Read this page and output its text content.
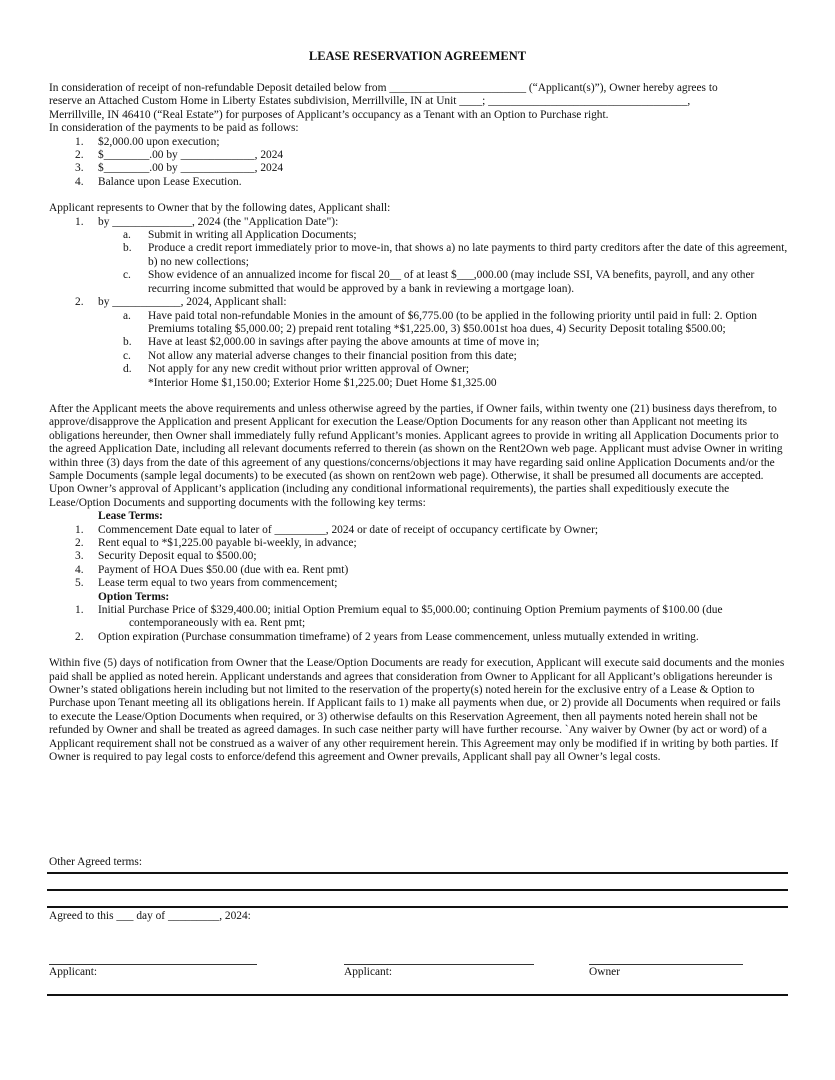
LEASE RESERVATION AGREEMENT

In consideration of receipt of non-refundable Deposit detailed below from ________________________ (“Applicant(s)”), Owner hereby agrees to

reserve an Attached Custom Home in Liberty Estates subdivision, Merrillville, IN at Unit ____; ___________________________________,

Merrillville, IN 46410 (“Real Estate”) for purposes of Applicant’s occupancy as a Tenant with an Option to Purchase right.

In consideration of the payments to be paid as follows:

1.	$2,000.00 upon execution;
2.	$________.00 by _____________, 2024
3.	$________.00 by _____________, 2024
4.	Balance upon Lease Execution.

Applicant represents to Owner that by the following dates, Applicant shall:

1.	by ______________, 2024 (the "Application Date"):
a. Submit in writing all Application Documents;
b. Produce a credit report immediately prior to move-in, that shows a) no late payments to third party creditors after the date of this agreement, b) no new collections;
c. Show evidence of an annualized income for fiscal 20__ of at least $___,000.00 (may include SSI, VA benefits, payroll, and any other recurring income submitted that would be approved by a bank in reviewing a mortgage loan).
2.	by ____________, 2024, Applicant shall:
a. Have paid total non-refundable Monies in the amount of $6,775.00 (to be applied in the following priority until paid in full: 2. Option Premiums totaling $5,000.00; 2) prepaid rent totaling *$1,225.00, 3) $50.001st hoa dues, 4) Security Deposit totaling $500.00;
b. Have at least $2,000.00 in savings after paying the above amounts at time of move in;
c. Not allow any material adverse changes to their financial position from this date;
d. Not apply for any new credit without prior written approval of Owner;
*Interior Home $1,150.00; Exterior Home $1,225.00; Duet Home $1,325.00

After the Applicant meets the above requirements and unless otherwise agreed by the parties, if Owner fails, within twenty one (21) business days therefrom, to approve/disapprove the Application and present Applicant for execution the Lease/Option Documents for any reason other than Applicant not meeting its obligations hereunder, then Owner shall immediately fully refund Applicant’s monies. Applicant agrees to provide in writing all Application Documents prior to the agreed Application Date, including all relevant documents referred to therein (as shown on the Rent2Own web page. Applicant must advise Owner in writing within three (3) days from the date of this agreement of any questions/concerns/objections it may have regarding said online Application Documents and/or the Sample Documents (sample legal documents) to be executed (as shown on rent2own web page). Otherwise, it shall be presumed all documents are accepted. Upon Owner’s approval of Applicant’s application (including any conditional informational requirements), the parties shall expeditiously execute the Lease/Option Documents and supporting documents with the following key terms:

Lease Terms:
1.	Commencement Date equal to later of _________, 2024 or date of receipt of occupancy certificate by Owner;
2.	Rent equal to *$1,225.00 payable bi-weekly, in advance;
3.	Security Deposit equal to $500.00;
4.	Payment of HOA Dues $50.00 (due with ea. Rent pmt)
5.	Lease term equal to two years from commencement;
Option Terms:
1.	Initial Purchase Price of $329,400.00; initial Option Premium equal to $5,000.00; continuing Option Premium payments of $100.00 (due
contemporaneously with ea. Rent pmt;
2.	Option expiration (Purchase consummation timeframe) of 2 years from Lease commencement, unless mutually extended in writing.

Within five (5) days of notification from Owner that the Lease/Option Documents are ready for execution, Applicant will execute said documents and the monies paid shall be applied as noted herein. Applicant understands and agrees that consideration from Owner to Applicant for all Applicant’s obligations hereunder is Owner’s stated obligations herein including but not limited to the reservation of the property(s) noted herein for the exclusive entry of a Lease & Option to Purchase upon Tenant meeting all its obligations herein. If Applicant fails to 1) make all payments when due, or 2) provide all Documents when required or fails to execute the Lease/Option Documents when required, or 3) otherwise defaults on this Reservation Agreement, then all payments noted herein shall not be refunded by Owner and shall be treated as agreed damages. In such case neither party will have further recourse. `Any waiver by Owner (by act or word) of a Applicant requirement shall not be construed as a waiver of any other requirement herein. This Agreement may only be modified if in writing by both parties. If Owner is required to pay legal costs to enforce/defend this agreement and Owner prevails, Applicant shall pay all Owner’s legal costs.

Other Agreed terms:
Agreed to this ___ day of _________, 2024:
Applicant:	Applicant:	Owner
